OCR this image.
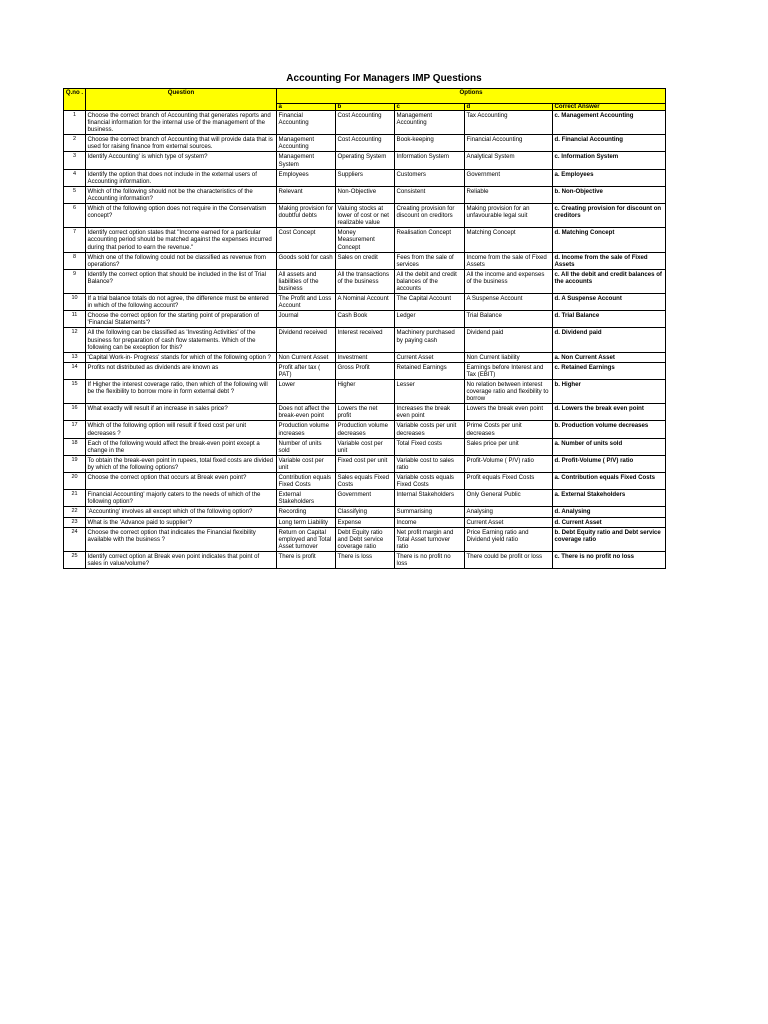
Accounting For Managers IMP Questions
Q.no .	Question	Options				
		a	b	c	d	Correct Answer
1	Choose the correct branch of Accounting that generates reports and financial information for the internal use of the management of the business.	Financial Accounting	Cost Accounting	Management Accounting	Tax Accounting	c. Management Accounting
2	Choose the correct branch of Accounting that will provide data that is used for raising finance from external sources.	Management Accounting	Cost Accounting	Book-keeping	Financial Accounting	d. Financial Accounting
3	Identify Accounting' is which type of system?	Management System	Operating System	Information System	Analytical System	c. Information System
4	Identify the option that does not include in the external users of Accounting information.	Employees	Suppliers	Customers	Government	a. Employees
5	Which of the following should not be the characteristics of the Accounting information?	Relevant	Non-Objective	Consistent	Reliable	b. Non-Objective
6	Which of the following option does not require in the Conservatism concept?	Making provision for doubtful debts	Valuing stocks at lower of cost or net realizable value	Creating provision for discount on creditors	Making provision for an unfavourable legal suit	c. Creating provision for discount on creditors
7	Identify correct option states that "Income earned for a particular accounting period should be matched against the expenses incurred during that period to earn the revenue."	Cost Concept	Money Measurement Concept	Realisation Concept	Matching Concept	d. Matching Concept
8	Which one of the following could not be classified as revenue from operations?	Goods sold for cash	Sales on credit	Fees from the sale of services	Income from the sale of Fixed Assets	d. Income from the sale of Fixed Assets
9	Identify the correct option that should be included in the list of Trial Balance?	All assets and liabilities of the business	All the transactions of the business	All the debit and credit balances of the accounts	All the income and expenses of the business	c. All the debit and credit balances of the accounts
10	If a trial balance totals do not agree, the difference must be entered in which of the following account?	The Profit and Loss Account	A Nominal Account	The Capital Account	A Suspense Account	d. A Suspense Account
11	Choose the correct option for the starting point of preparation of 'Financial Statements'?	Journal	Cash Book	Ledger	Trial Balance	d. Trial Balance
12	All the following can be classified as 'Investing Activities' of the business for preparation of cash flow statements. Which of the following can be exception for this?	Dividend received	Interest received	Machinery purchased by paying cash	Dividend paid	d. Dividend paid
13	'Capital Work-in- Progress' stands for which of the following option ?	Non Current Asset	Investment	Current Asset	Non Current liability	a. Non Current Asset
14	Profits not distributed as dividends are known as	Profit after tax ( PAT)	Gross Profit	Retained Earnings	Earnings before Interest and Tax (EBIT)	c. Retained Earnings
15	If Higher the interest coverage ratio, then which of the following will be the flexibility to borrow more in form external debt ?	Lower	Higher	Lesser	No relation between interest coverage ratio and flexibility to borrow	b. Higher
16	What exactly will result if an increase in sales price?	Does not affect the break-even point	Lowers the net profit	Increases the break even point	Lowers the break even point	d. Lowers the break even point
17	Which of the following option will result if fixed cost per unit decreases ?	Production volume increases	Production volume decreases	Variable costs per unit decreases	Prime Costs per unit decreases	b. Production volume decreases
18	Each of the following would affect the break-even point except a change in the	Number of units sold	Variable cost per unit	Total Fixed costs	Sales price per unit	a. Number of units sold
19	To obtain the break-even point in rupees, total fixed costs are divided by which of the following options?	Variable cost per unit	Fixed cost per unit	Variable cost to sales ratio	Profit-Volume ( P/V) ratio	d. Profit-Volume ( P/V) ratio
20	Choose the correct option that occurs at Break even point?	Contribution equals Fixed Costs	Sales equals Fixed Costs	Variable costs equals Fixed Costs	Profit equals Fixed Costs	a. Contribution equals Fixed Costs
21	Financial Accounting' majorly caters to the needs of which of the following option?	External Stakeholders	Government	Internal Stakeholders	Only General Public	a. External Stakeholders
22	'Accounting' involves all except which of the following option?	Recording	Classifying	Summarising	Analysing	d. Analysing
23	What is the 'Advance paid to supplier'?	Long term Liability	Expense	Income	Current Asset	d. Current Asset
24	Choose the correct option that indicates the Financial flexibility available with the business ?	Return on Capital employed and Total Asset turnover	Debt Equity ratio and Debt service coverage ratio	Net profit margin and Total Asset turnover ratio	Price Earning ratio and Dividend yield ratio	b. Debt Equity ratio and Debt service coverage ratio
25	Identify correct option at Break even point indicates that point of sales in value/volume?	There is profit	There is loss	There is no profit no loss	There could be profit or loss	c. There is no profit no loss
